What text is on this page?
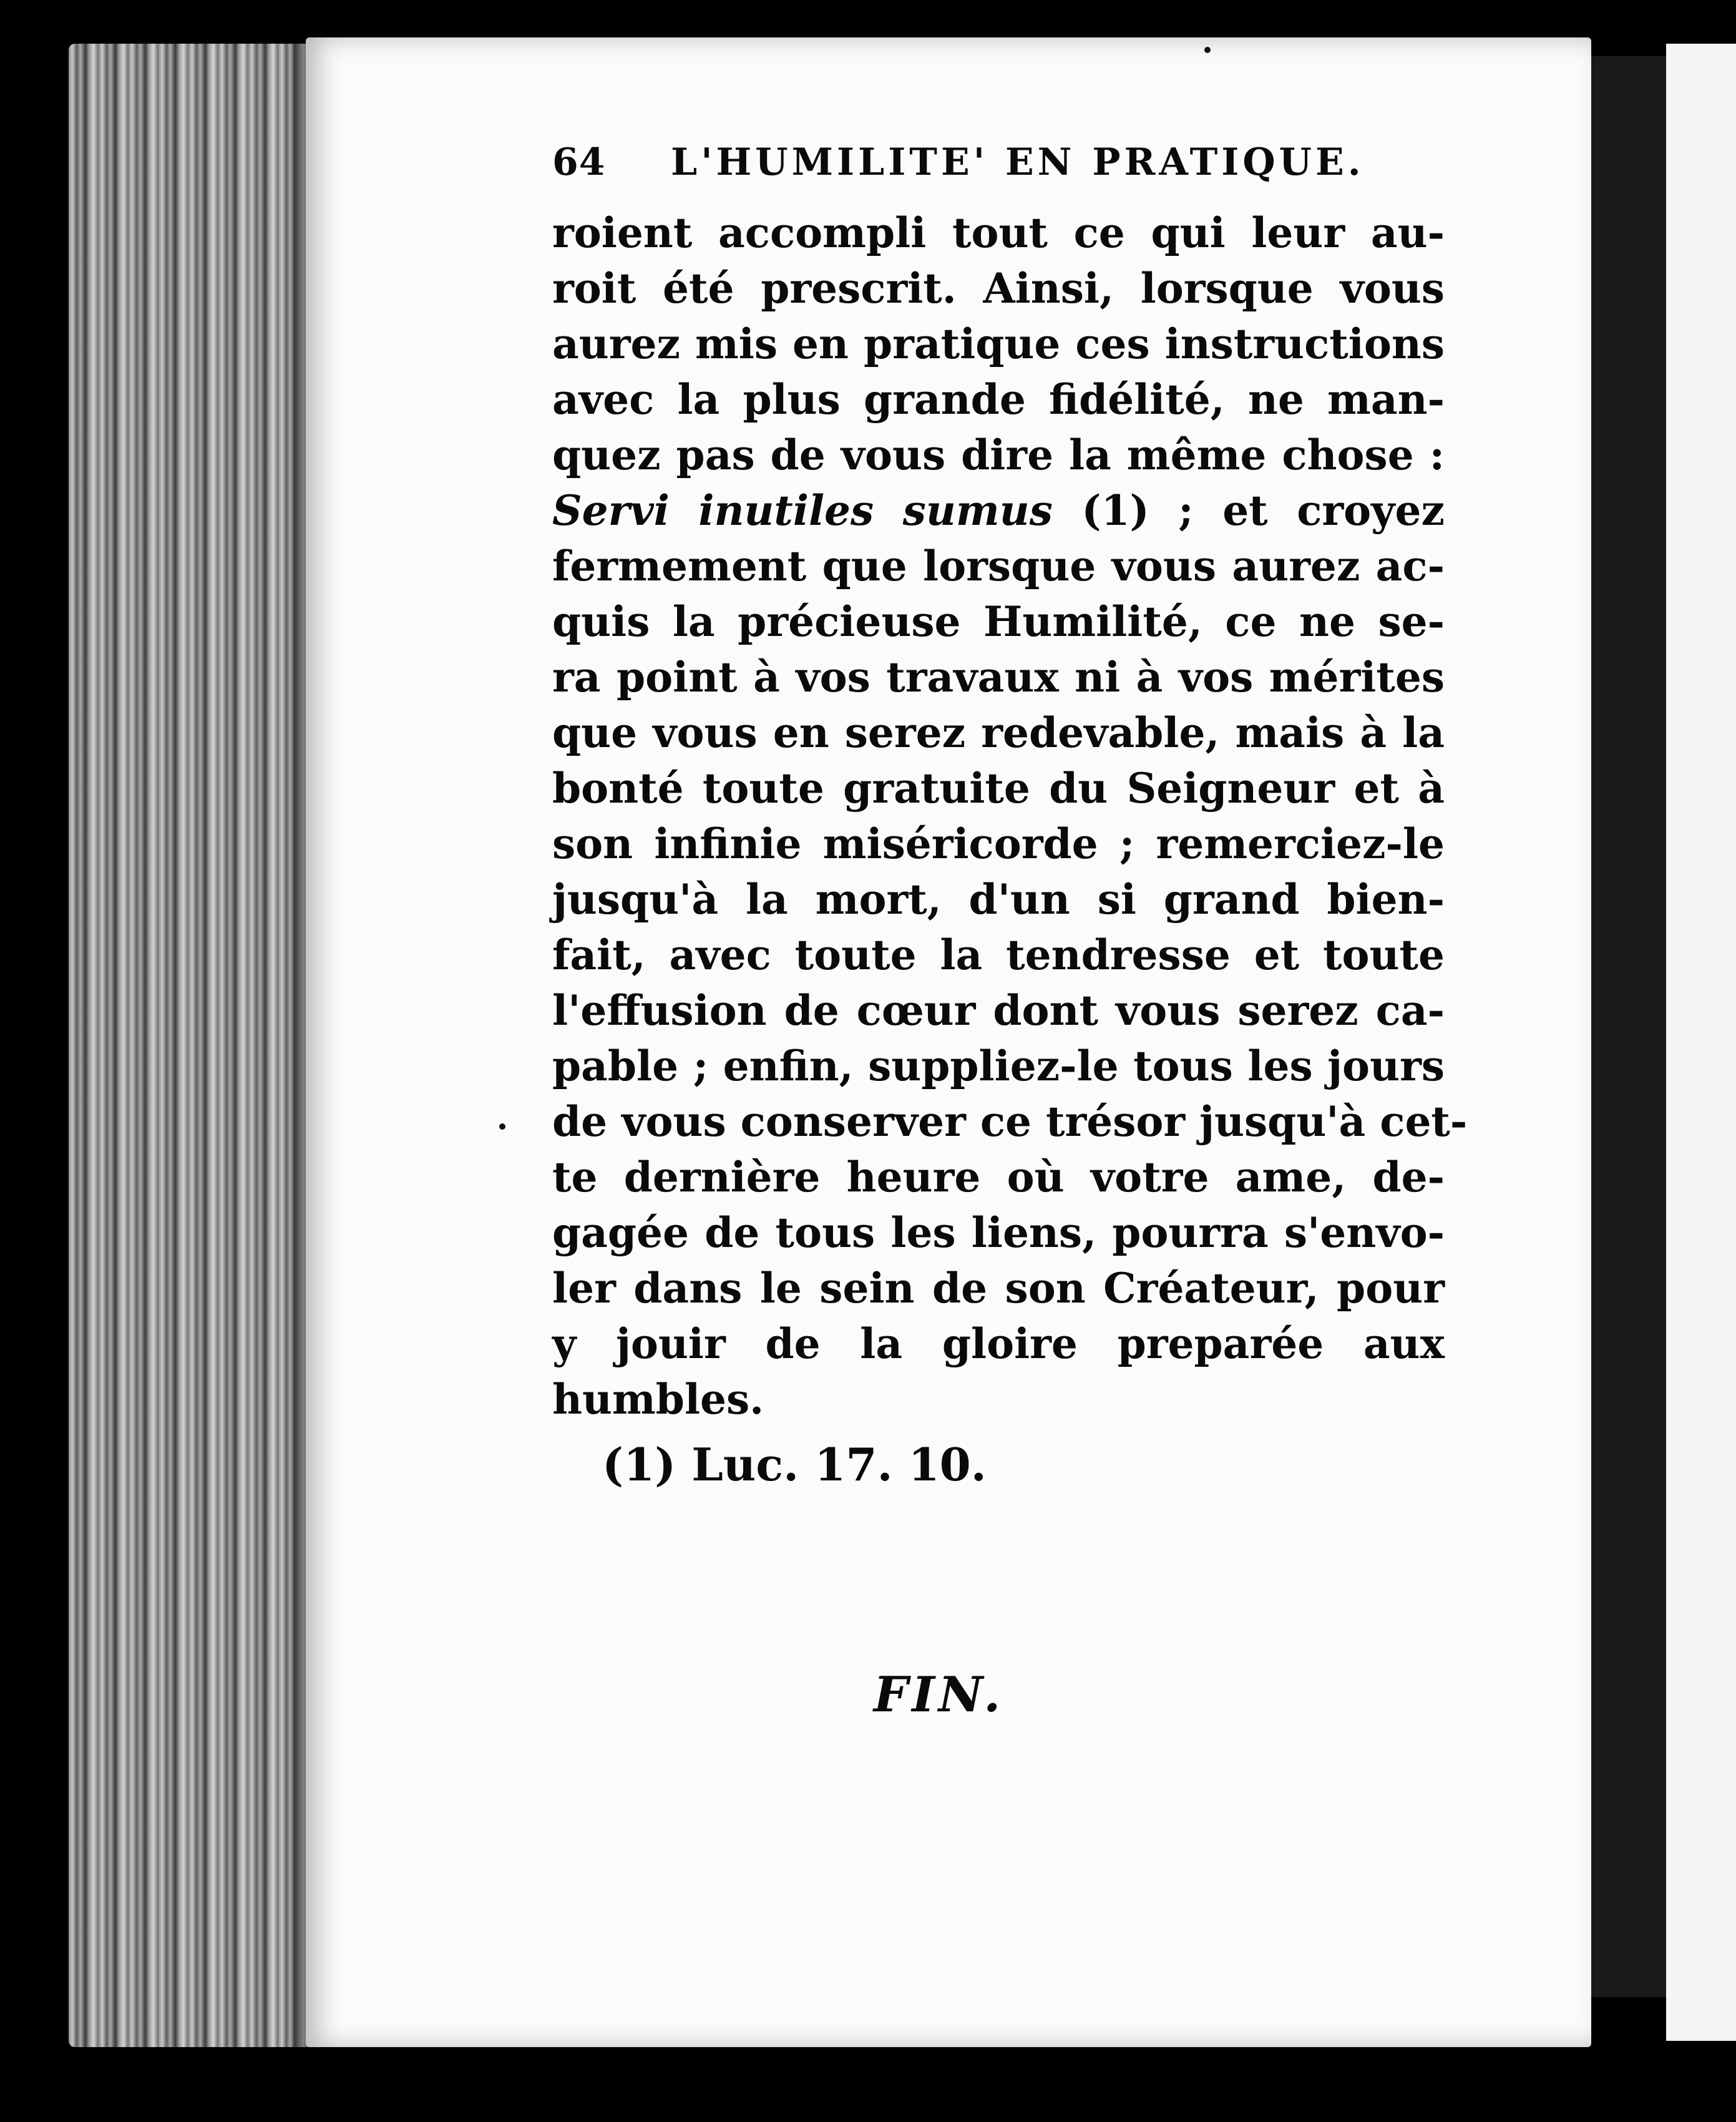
64	L'HUMILITE' EN PRATIQUE.
roient accompli tout ce qui leur au-
roit été prescrit. Ainsi, lorsque vous
aurez mis en pratique ces instructions
avec la plus grande fidélité, ne man-
quez pas de vous dire la même chose :
Servi inutiles sumus (1) ; et croyez
fermement que lorsque vous aurez ac-
quis la précieuse Humilité, ce ne se-
ra point à vos travaux ni à vos mérites
que vous en serez redevable, mais à la
bonté toute gratuite du Seigneur et à
son infinie miséricorde ; remerciez-le
jusqu'à la mort, d'un si grand bien-
fait, avec toute la tendresse et toute
l'effusion de cœur dont vous serez ca-
pable ; enfin, suppliez-le tous les jours
de vous conserver ce trésor jusqu'à cet-
te dernière heure où votre ame, de-
gagée de tous les liens, pourra s'envo-
ler dans le sein de son Créateur, pour
y jouir de la gloire preparée aux
humbles.
(1) Luc. 17. 10.
FIN.
